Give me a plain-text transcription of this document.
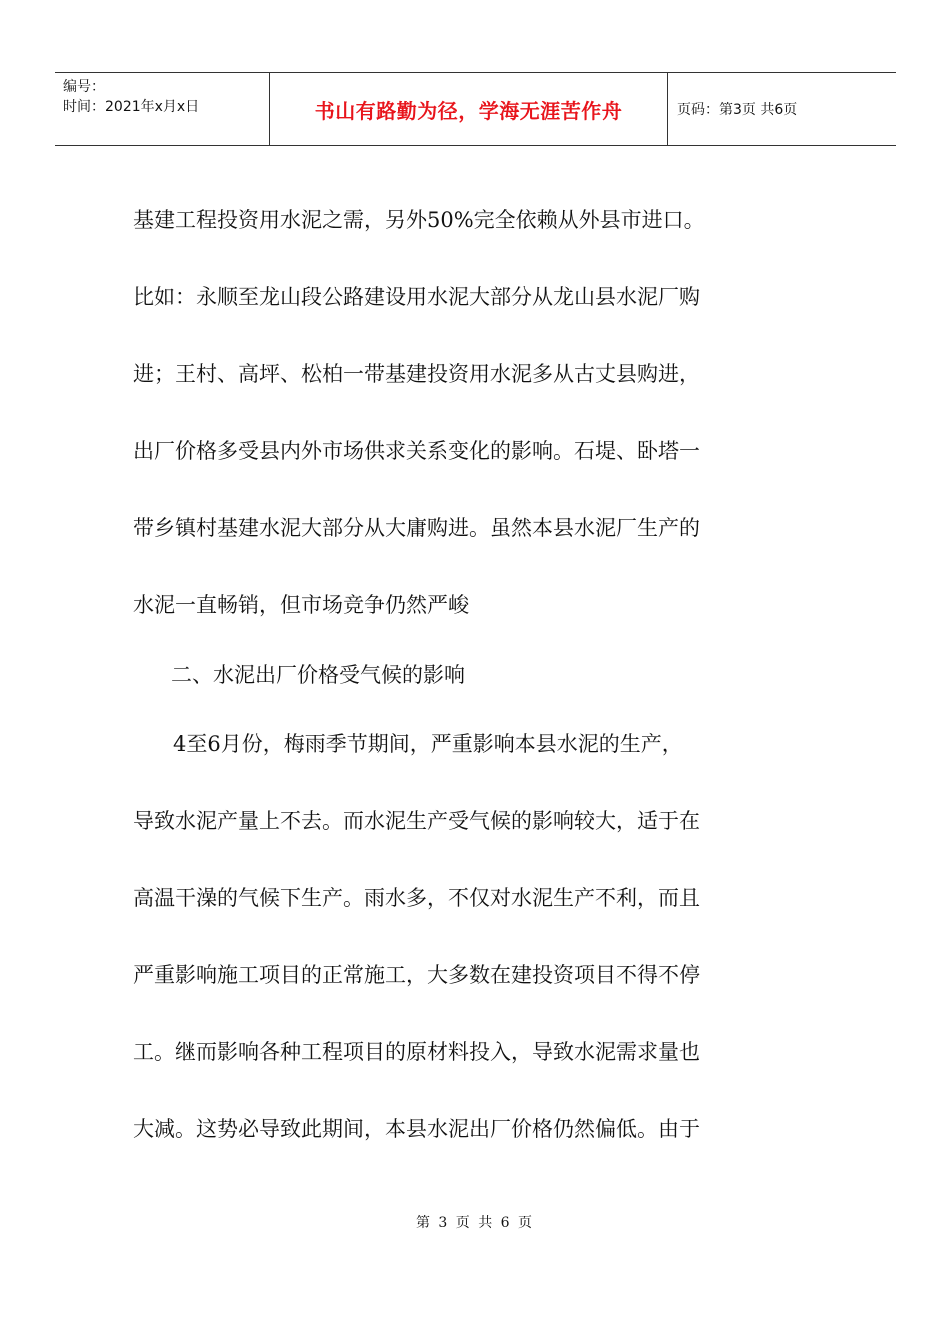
编号：
时间：2021年x月x日	书山有路勤为径，学海无涯苦作舟	页码：第3页 共6页
基建工程投资用水泥之需，另外50%完全依赖从外县市进口。
比如：永顺至龙山段公路建设用水泥大部分从龙山县水泥厂购
进；王村、高坪、松柏一带基建投资用水泥多从古丈县购进，
出厂价格多受县内外市场供求关系变化的影响。石堤、卧塔一
带乡镇村基建水泥大部分从大庸购进。虽然本县水泥厂生产的
水泥一直畅销，但市场竞争仍然严峻
二、水泥出厂价格受气候的影响
4至6月份，梅雨季节期间，严重影响本县水泥的生产，
导致水泥产量上不去。而水泥生产受气候的影响较大，适于在
高温干澡的气候下生产。雨水多，不仅对水泥生产不利，而且
严重影响施工项目的正常施工，大多数在建投资项目不得不停
工。继而影响各种工程项目的原材料投入，导致水泥需求量也
大减。这势必导致此期间，本县水泥出厂价格仍然偏低。由于
第 3 页 共 6 页
